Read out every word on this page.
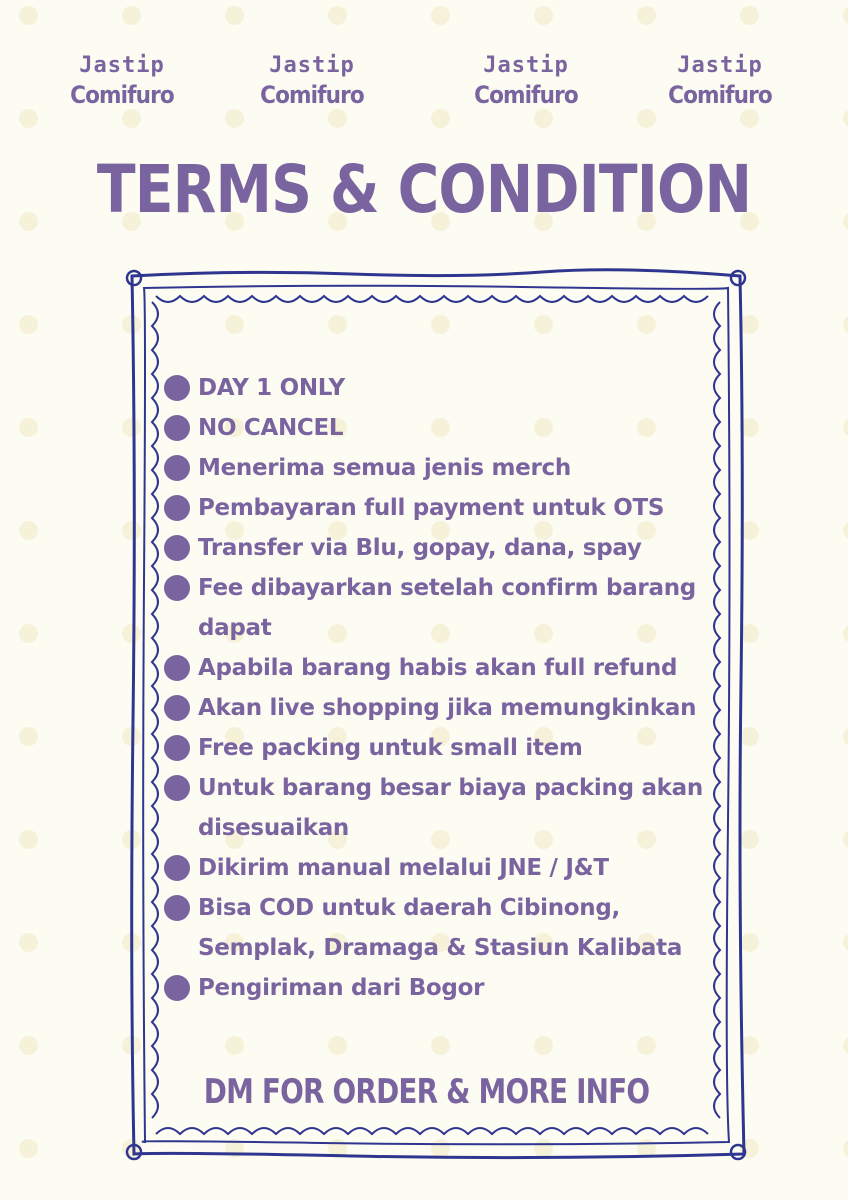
Jastip
Comifuro
Jastip
Comifuro
Jastip
Comifuro
Jastip
Comifuro
TERMS & CONDITION
DAY 1 ONLY
NO CANCEL
Menerima semua jenis merch
Pembayaran full payment untuk OTS
Transfer via Blu, gopay, dana, spay
Fee dibayarkan setelah confirm barang dapat
Apabila barang habis akan full refund
Akan live shopping jika memungkinkan
Free packing untuk small item
Untuk barang besar biaya packing akan disesuaikan
Dikirim manual melalui JNE / J&T
Bisa COD untuk daerah Cibinong, Semplak, Dramaga & Stasiun Kalibata
Pengiriman dari Bogor
DM FOR ORDER & MORE INFO
